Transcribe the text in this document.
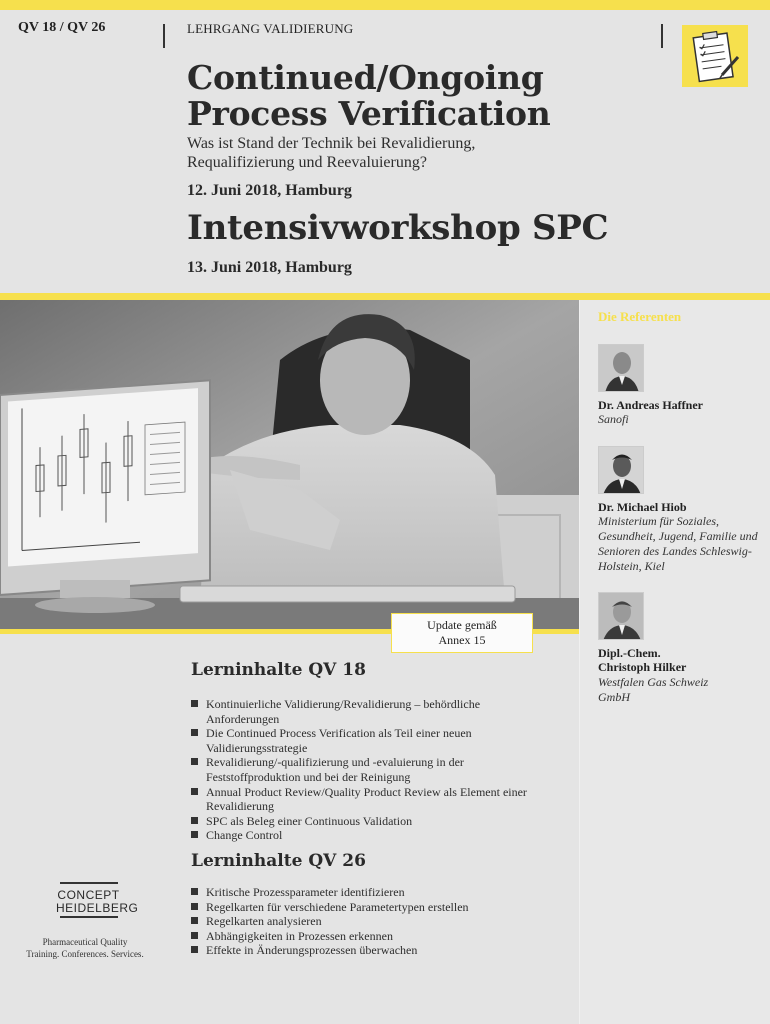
QV 18 / QV 26	LEHRGANG VALIDIERUNG
Continued/Ongoing
Process Verification
Was ist Stand der Technik bei Revalidierung,
Requalifizierung und Reevaluierung?
12. Juni 2018, Hamburg
Intensivworkshop SPC
13. Juni 2018, Hamburg
Update gemäß
Annex 15
Die Referenten
Dr. Andreas Haffner
Sanofi
Dr. Michael Hiob
Ministerium für Soziales, Gesundheit, Jugend, Familie und Senioren des Landes Schleswig-Holstein, Kiel
Dipl.-Chem.
Christoph Hilker
Westfalen Gas Schweiz GmbH
Lerninhalte QV 18
Kontinuierliche Validierung/Revalidierung – behördliche Anforderungen
Die Continued Process Verification als Teil einer neuen Validierungsstrategie
Revalidierung/-qualifizierung und -evaluierung in der Feststoffproduktion und bei der Reinigung
Annual Product Review/Quality Product Review als Element einer Revalidierung
SPC als Beleg einer Continuous Validation
Change Control
Lerninhalte QV 26
Kritische Prozessparameter identifizieren
Regelkarten für verschiedene Parametertypen erstellen
Regelkarten analysieren
Abhängigkeiten in Prozessen erkennen
Effekte in Änderungsprozessen überwachen
CONCEPT
HEIDELBERG
Pharmaceutical Quality
Training. Conferences. Services.
